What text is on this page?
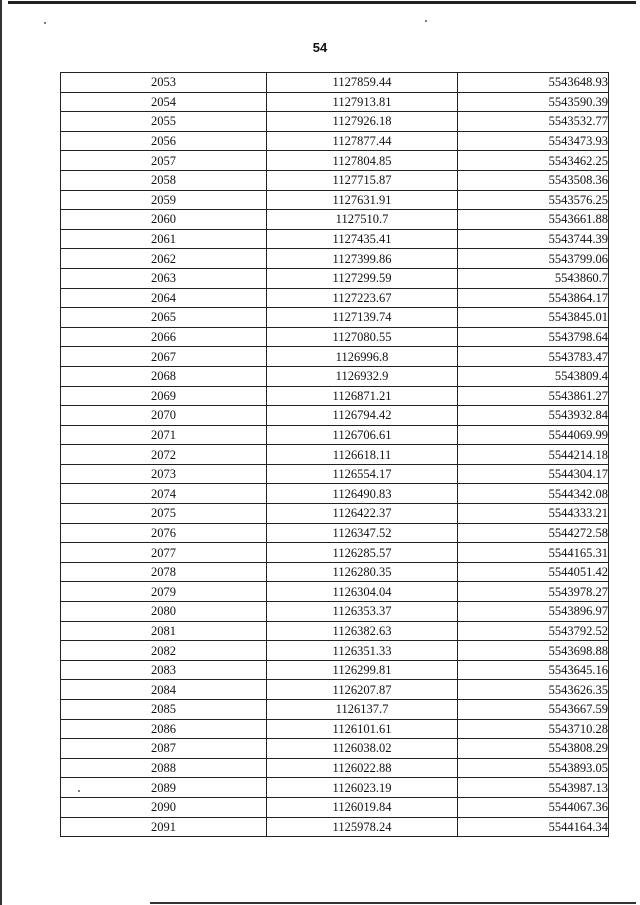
54
2053	1127859.44	5543648.93
2054	1127913.81	5543590.39
2055	1127926.18	5543532.77
2056	1127877.44	5543473.93
2057	1127804.85	5543462.25
2058	1127715.87	5543508.36
2059	1127631.91	5543576.25
2060	1127510.7	5543661.88
2061	1127435.41	5543744.39
2062	1127399.86	5543799.06
2063	1127299.59	5543860.7
2064	1127223.67	5543864.17
2065	1127139.74	5543845.01
2066	1127080.55	5543798.64
2067	1126996.8	5543783.47
2068	1126932.9	5543809.4
2069	1126871.21	5543861.27
2070	1126794.42	5543932.84
2071	1126706.61	5544069.99
2072	1126618.11	5544214.18
2073	1126554.17	5544304.17
2074	1126490.83	5544342.08
2075	1126422.37	5544333.21
2076	1126347.52	5544272.58
2077	1126285.57	5544165.31
2078	1126280.35	5544051.42
2079	1126304.04	5543978.27
2080	1126353.37	5543896.97
2081	1126382.63	5543792.52
2082	1126351.33	5543698.88
2083	1126299.81	5543645.16
2084	1126207.87	5543626.35
2085	1126137.7	5543667.59
2086	1126101.61	5543710.28
2087	1126038.02	5543808.29
2088	1126022.88	5543893.05
2089	1126023.19	5543987.13
2090	1126019.84	5544067.36
2091	1125978.24	5544164.34
